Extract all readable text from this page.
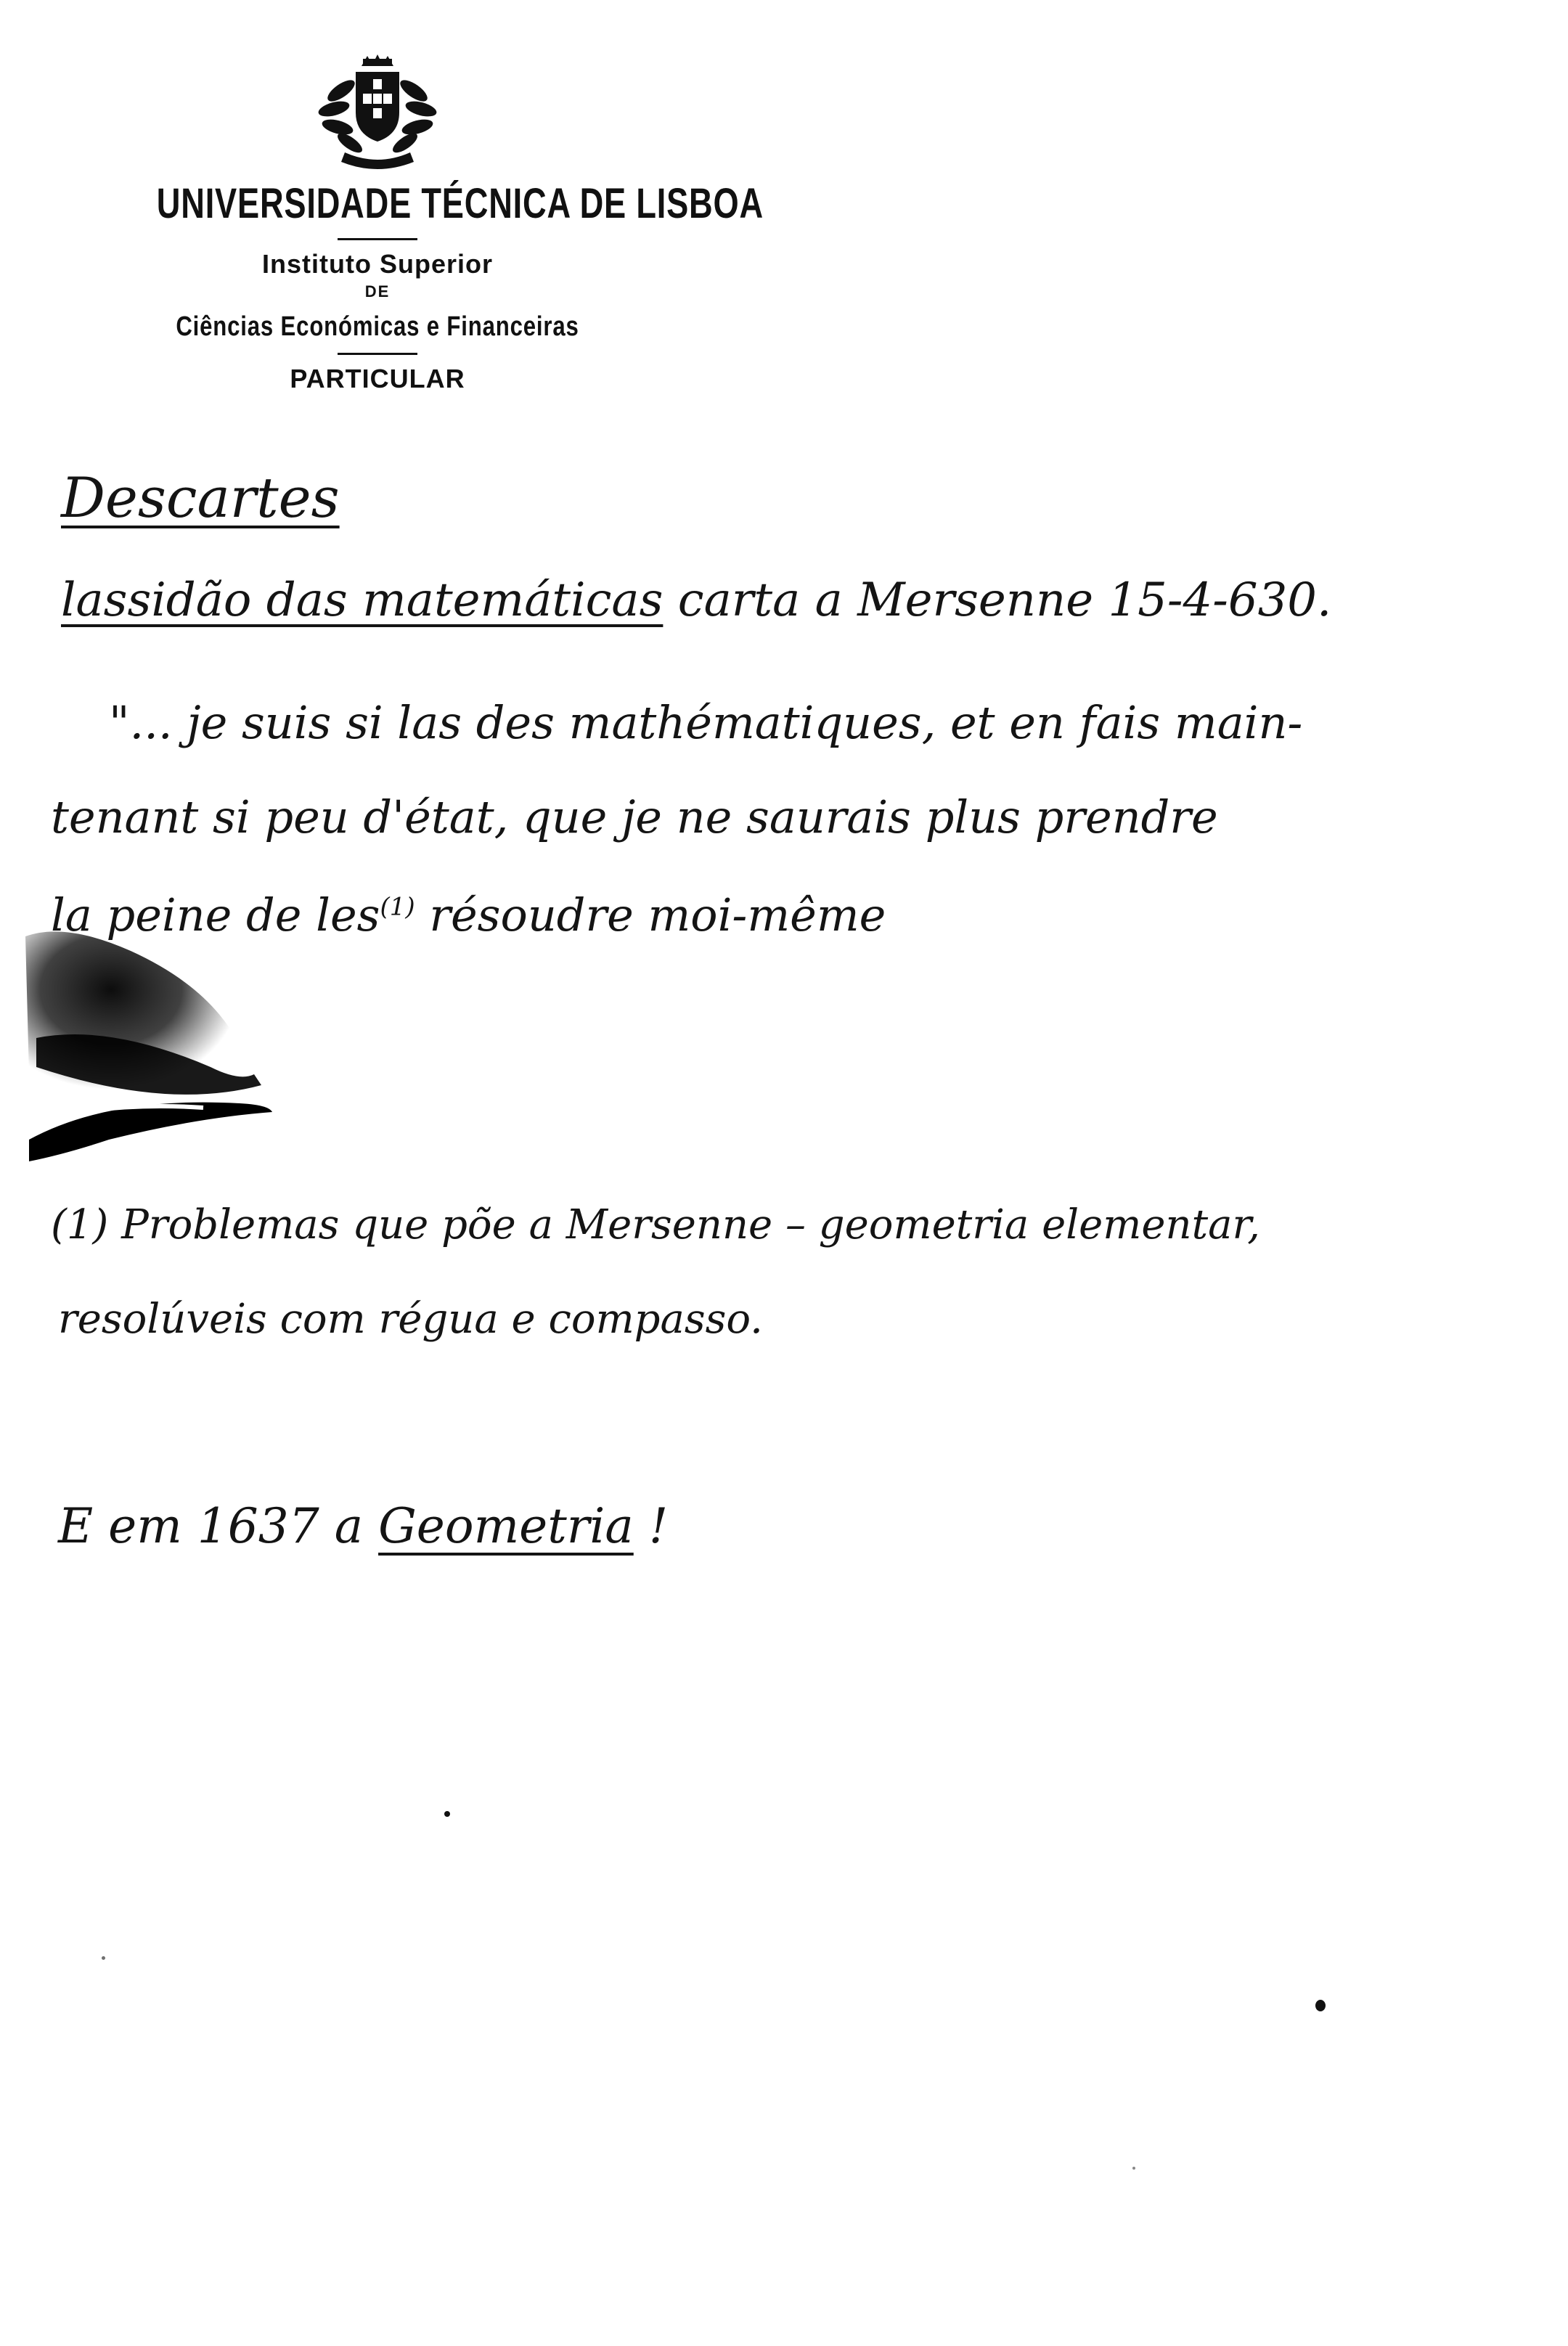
UNIVERSIDADE TÉCNICA DE LISBOA
Instituto Superior
DE
Ciências Económicas e Financeiras
PARTICULAR
Descartes
lassidão das matemáticas carta a Mersenne 15-4-630.
"... je suis si las des mathématiques, et en fais main-
tenant si peu d'état, que je ne saurais plus prendre
la peine de les$^{(1)}$ résoudre moi-même
(1) Problemas que põe a Mersenne – geometria elementar,
resolúveis com régua e compasso.
E em 1637 a Geometria !
